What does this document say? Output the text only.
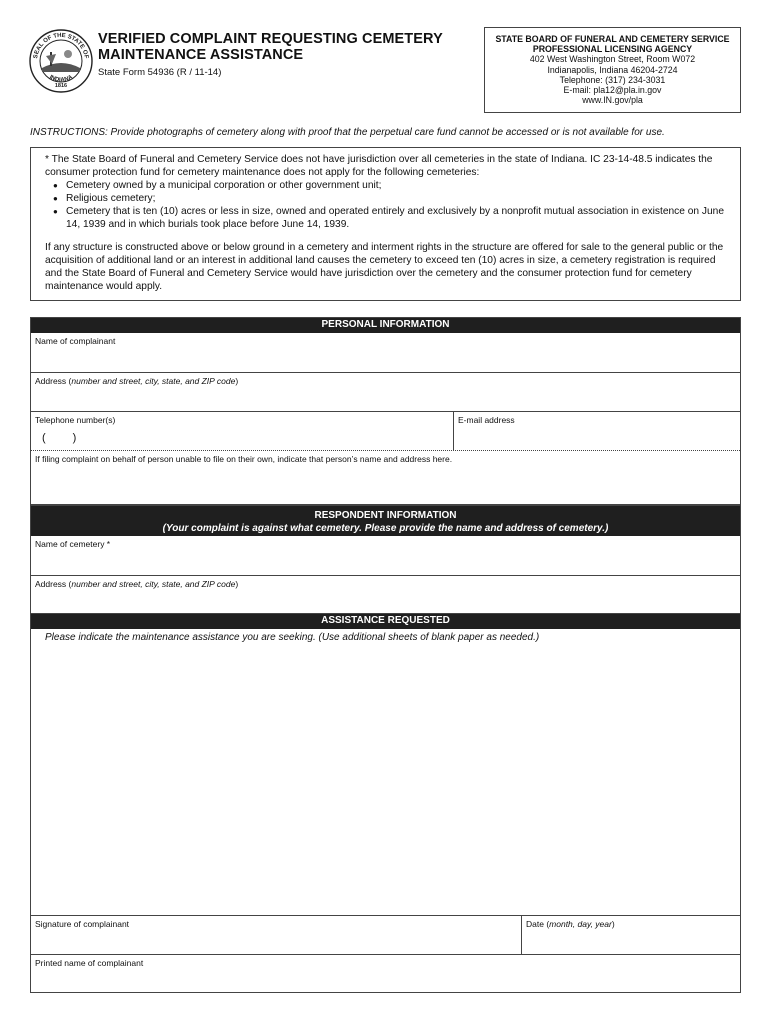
SEAL OF THE STATE OF
INDIANA
1816
VERIFIED COMPLAINT REQUESTING CEMETERY
MAINTENANCE ASSISTANCE
State Form 54936 (R / 11-14)
STATE BOARD OF FUNERAL AND CEMETERY SERVICE
PROFESSIONAL LICENSING AGENCY
402 West Washington Street, Room W072
Indianapolis, Indiana 46204-2724
Telephone: (317) 234-3031
E-mail: pla12@pla.in.gov
www.IN.gov/pla
INSTRUCTIONS: Provide photographs of cemetery along with proof that the perpetual care fund cannot be accessed or is not available for use.
* The State Board of Funeral and Cemetery Service does not have jurisdiction over all cemeteries in the state of Indiana. IC 23-14-48.5 indicates the consumer protection fund for cemetery maintenance does not apply for the following cemeteries:
● Cemetery owned by a municipal corporation or other government unit;
● Religious cemetery;
● Cemetery that is ten (10) acres or less in size, owned and operated entirely and exclusively by a nonprofit mutual association in existence on June 14, 1939 and in which burials took place before June 14, 1939.
If any structure is constructed above or below ground in a cemetery and interment rights in the structure are offered for sale to the general public or the acquisition of additional land or an interest in additional land causes the cemetery to exceed ten (10) acres in size, a cemetery registration is required and the State Board of Funeral and Cemetery Service would have jurisdiction over the cemetery and the consumer protection fund for cemetery maintenance would apply.
PERSONAL INFORMATION
Name of complainant
Address (number and street, city, state, and ZIP code)
Telephone number(s)
( )
E-mail address
If filing complaint on behalf of person unable to file on their own, indicate that person’s name and address here.
RESPONDENT INFORMATION
(Your complaint is against what cemetery. Please provide the name and address of cemetery.)
Name of cemetery *
Address (number and street, city, state, and ZIP code)
ASSISTANCE REQUESTED
Please indicate the maintenance assistance you are seeking. (Use additional sheets of blank paper as needed.)
Signature of complainant	Date (month, day, year)
Printed name of complainant
